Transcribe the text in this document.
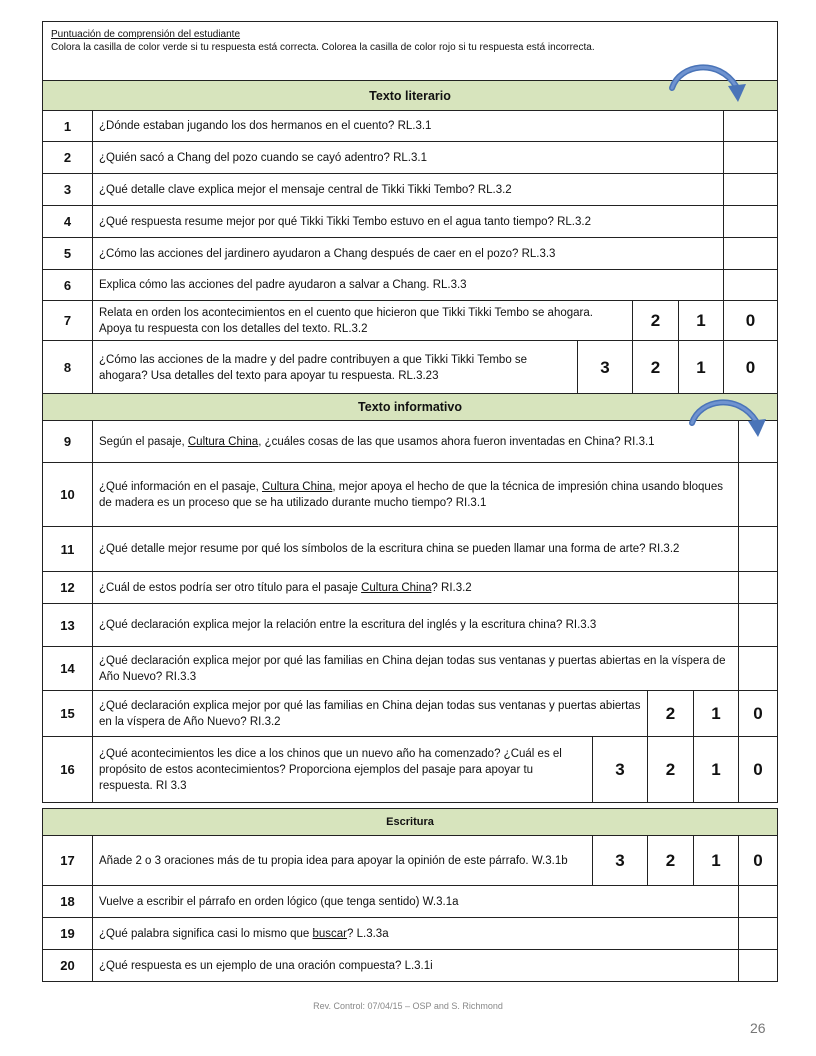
Puntuación de comprensión del estudiante
Colora la casilla de color verde si tu respuesta está correcta. Colorea la casilla de color rojo si tu respuesta está incorrecta.					

Texto literario					
1	¿Dónde estaban jugando los dos hermanos en el cuento? RL.3.1				
2	¿Quién sacó a Chang del pozo cuando se cayó adentro? RL.3.1				
3	¿Qué detalle clave explica mejor el mensaje central de Tikki Tikki Tembo? RL.3.2				
4	¿Qué respuesta resume mejor por qué Tikki Tikki Tembo estuvo en el agua tanto tiempo? RL.3.2				
5	¿Cómo las acciones del jardinero ayudaron a Chang después de caer en el pozo? RL.3.3				
6	Explica cómo las acciones del padre ayudaron a salvar a Chang. RL.3.3				
7	Relata en orden los acontecimientos en el cuento que hicieron que Tikki Tikki Tembo se ahogara. Apoya tu respuesta con los detalles del texto. RL.3.2		2	1	0
8	¿Cómo las acciones de la madre y del padre contribuyen a que Tikki Tikki Tembo se ahogara? Usa detalles del texto para apoyar tu respuesta. RL.3.23	3	2	1	0
Texto informativo					
9	Según el pasaje, Cultura China, ¿cuáles cosas de las que usamos ahora fueron inventadas en China? RI.3.1				
10	¿Qué información en el pasaje, Cultura China, mejor apoya el hecho de que la técnica de impresión china usando bloques de madera es un proceso que se ha utilizado durante mucho tiempo? RI.3.1				
11	¿Qué detalle mejor resume por qué los símbolos de la escritura china se pueden llamar una forma de arte? RI.3.2				
12	¿Cuál de estos podría ser otro título para el pasaje Cultura China? RI.3.2				
13	¿Qué declaración explica mejor la relación entre la escritura del inglés y la escritura china? RI.3.3				
14	¿Qué declaración explica mejor por qué las familias en China dejan todas sus ventanas y puertas abiertas en la víspera de Año Nuevo? RI.3.3				
15	¿Qué declaración explica mejor por qué las familias en China dejan todas sus ventanas y puertas abiertas en la víspera de Año Nuevo? RI.3.2		2	1	0
16	¿Qué acontecimientos les dice a los chinos que un nuevo año ha comenzado? ¿Cuál es el propósito de estos acontecimientos? Proporciona ejemplos del pasaje para apoyar tu respuesta. RI 3.3	3	2	1	0
Escritura					
17	Añade 2 o 3 oraciones más de tu propia idea para apoyar la opinión de este párrafo. W.3.1b	3	2	1	0
18	Vuelve a escribir el párrafo en orden lógico (que tenga sentido) W.3.1a				
19	¿Qué palabra significa casi lo mismo que buscar? L.3.3a				
20	¿Qué respuesta es un ejemplo de una oración compuesta? L.3.1i				
Rev. Control: 07/04/15 – OSP and S. Richmond
26
